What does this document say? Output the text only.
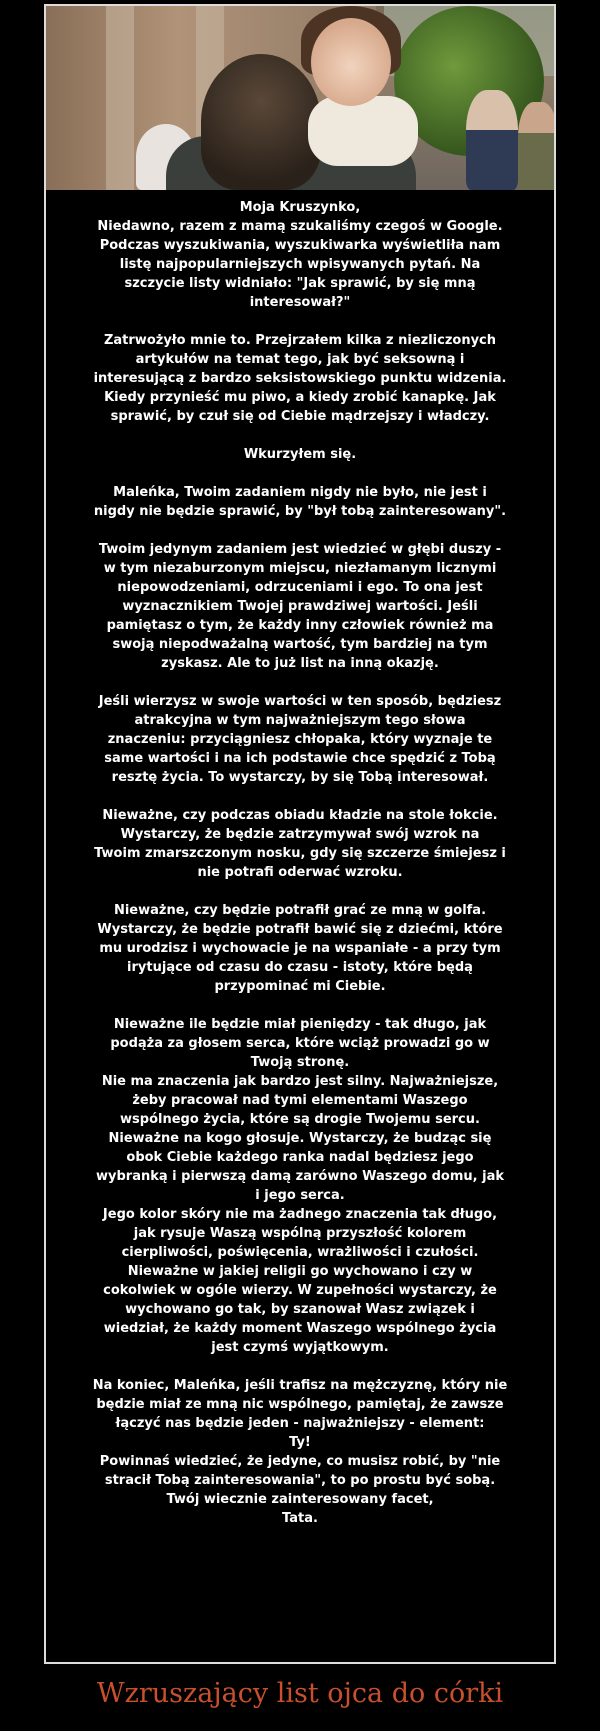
Moja Kruszynko,

Niedawno, razem z mamą szukaliśmy czegoś w Google.

Podczas wyszukiwania, wyszukiwarka wyświetliła nam

listę najpopularniejszych wpisywanych pytań. Na

szczycie listy widniało: "Jak sprawić, by się mną

interesował?"

Zatrwożyło mnie to. Przejrzałem kilka z niezliczonych

artykułów na temat tego, jak być seksowną i

interesującą z bardzo seksistowskiego punktu widzenia.

Kiedy przynieść mu piwo, a kiedy zrobić kanapkę. Jak

sprawić, by czuł się od Ciebie mądrzejszy i władczy.

Wkurzyłem się.

Maleńka, Twoim zadaniem nigdy nie było, nie jest i

nigdy nie będzie sprawić, by "był tobą zainteresowany".

Twoim jedynym zadaniem jest wiedzieć w głębi duszy -

w tym niezaburzonym miejscu, niezłamanym licznymi

niepowodzeniami, odrzuceniami i ego. To ona jest

wyznacznikiem Twojej prawdziwej wartości. Jeśli

pamiętasz o tym, że każdy inny człowiek również ma

swoją niepodważalną wartość, tym bardziej na tym

zyskasz. Ale to już list na inną okazję.

Jeśli wierzysz w swoje wartości w ten sposób, będziesz

atrakcyjna w tym najważniejszym tego słowa

znaczeniu: przyciągniesz chłopaka, który wyznaje te

same wartości i na ich podstawie chce spędzić z Tobą

resztę życia. To wystarczy, by się Tobą interesował.

Nieważne, czy podczas obiadu kładzie na stole łokcie.

Wystarczy, że będzie zatrzymywał swój wzrok na

Twoim zmarszczonym nosku, gdy się szczerze śmiejesz i

nie potrafi oderwać wzroku.

Nieważne, czy będzie potrafił grać ze mną w golfa.

Wystarczy, że będzie potrafił bawić się z dziećmi, które

mu urodzisz i wychowacie je na wspaniałe - a przy tym

irytujące od czasu do czasu - istoty, które będą

przypominać mi Ciebie.

Nieważne ile będzie miał pieniędzy - tak długo, jak

podąża za głosem serca, które wciąż prowadzi go w

Twoją stronę.

Nie ma znaczenia jak bardzo jest silny. Najważniejsze,

żeby pracował nad tymi elementami Waszego

wspólnego życia, które są drogie Twojemu sercu.

Nieważne na kogo głosuje. Wystarczy, że budząc się

obok Ciebie każdego ranka nadal będziesz jego

wybranką i pierwszą damą zarówno Waszego domu, jak

i jego serca.

Jego kolor skóry nie ma żadnego znaczenia tak długo,

jak rysuje Waszą wspólną przyszłość kolorem

cierpliwości, poświęcenia, wrażliwości i czułości.

Nieważne w jakiej religii go wychowano i czy w

cokolwiek w ogóle wierzy. W zupełności wystarczy, że

wychowano go tak, by szanował Wasz związek i

wiedział, że każdy moment Waszego wspólnego życia

jest czymś wyjątkowym.

Na koniec, Maleńka, jeśli trafisz na mężczyznę, który nie

będzie miał ze mną nic wspólnego, pamiętaj, że zawsze

łączyć nas będzie jeden - najważniejszy - element:

Ty!

Powinnaś wiedzieć, że jedyne, co musisz robić, by "nie

stracił Tobą zainteresowania", to po prostu być sobą.

Twój wiecznie zainteresowany facet,

Tata.

Wzruszający list ojca do córki
